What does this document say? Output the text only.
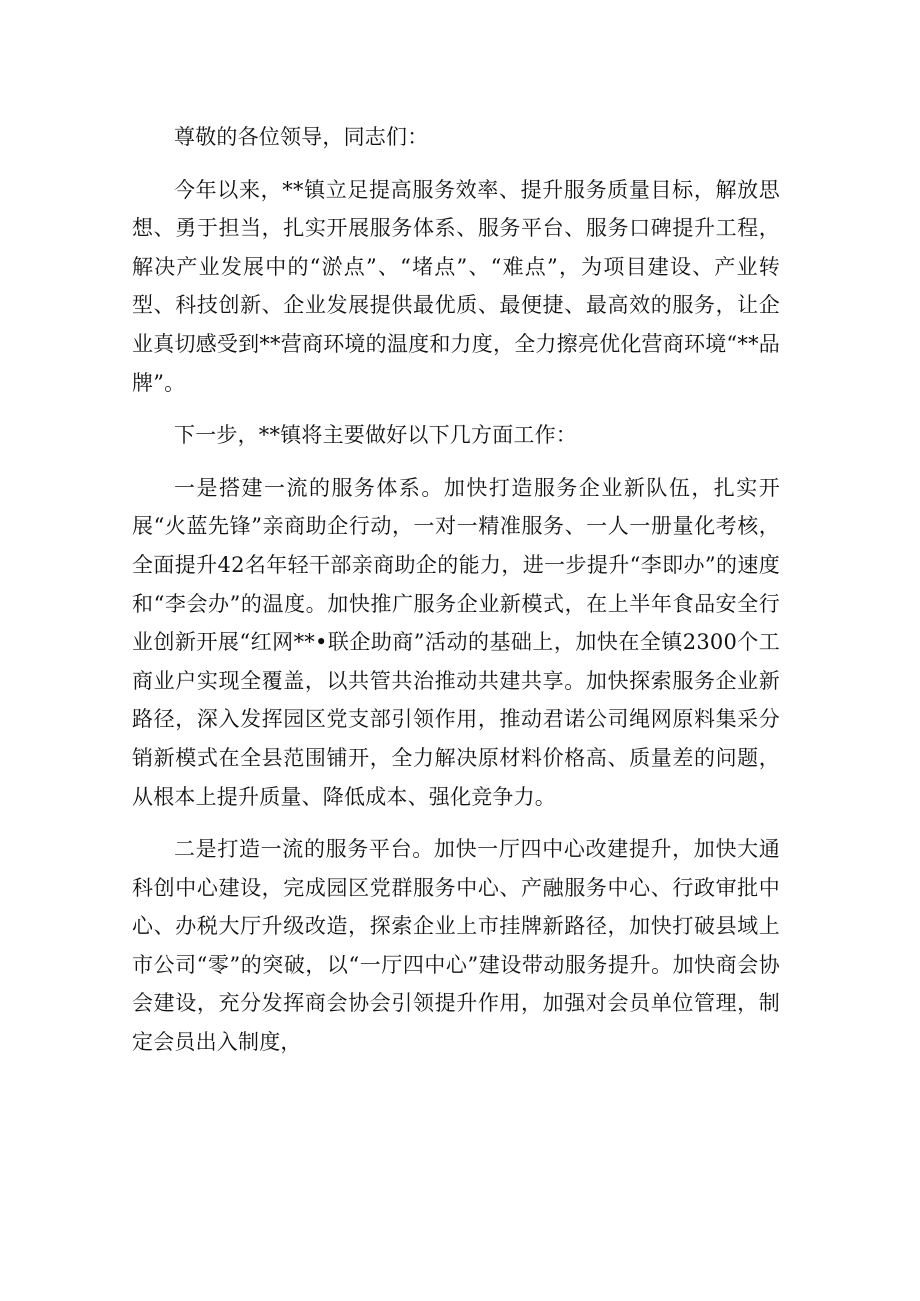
尊敬的各位领导，同志们：

今年以来，**镇立足提高服务效率、提升服务质量目标，解放思想、勇于担当，扎实开展服务体系、服务平台、服务口碑提升工程，解决产业发展中的“淤点”、“堵点”、“难点”，为项目建设、产业转型、科技创新、企业发展提供最优质、最便捷、最高效的服务，让企业真切感受到**营商环境的温度和力度，全力擦亮优化营商环境“**品牌”。

下一步，**镇将主要做好以下几方面工作：

一是搭建一流的服务体系。加快打造服务企业新队伍，扎实开展“火蓝先锋”亲商助企行动，一对一精准服务、一人一册量化考核，全面提升42名年轻干部亲商助企的能力，进一步提升“李即办”的速度和“李会办”的温度。加快推广服务企业新模式，在上半年食品安全行业创新开展“红网**•联企助商”活动的基础上，加快在全镇2300个工商业户实现全覆盖，以共管共治推动共建共享。加快探索服务企业新路径，深入发挥园区党支部引领作用，推动君诺公司绳网原料集采分销新模式在全县范围铺开，全力解决原材料价格高、质量差的问题，从根本上提升质量、降低成本、强化竞争力。

二是打造一流的服务平台。加快一厅四中心改建提升，加快大通科创中心建设，完成园区党群服务中心、产融服务中心、行政审批中心、办税大厅升级改造，探索企业上市挂牌新路径，加快打破县域上市公司“零”的突破，以“一厅四中心”建设带动服务提升。加快商会协会建设，充分发挥商会协会引领提升作用，加强对会员单位管理，制定会员出入制度，
